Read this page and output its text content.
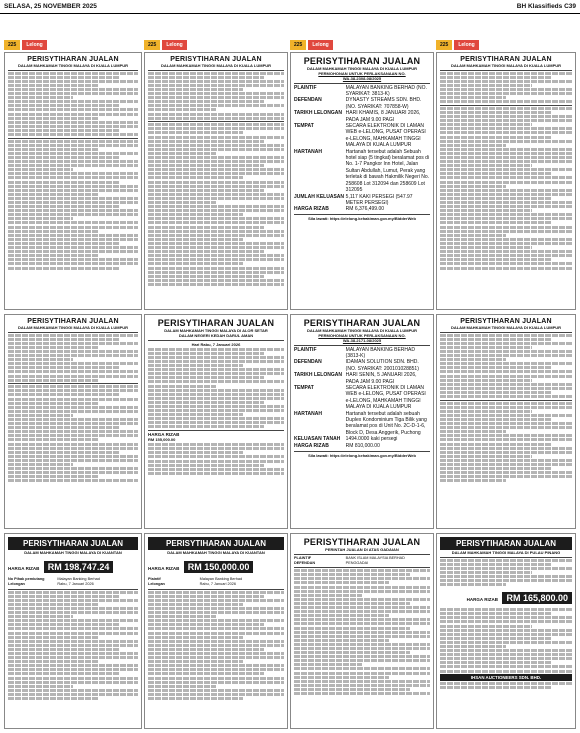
SELASA, 25 NOVEMBER 2025	BH Klassifieds C39
225	Lelong	225	Lelong	225	Lelong	225	Lelong
PERISYTIHARAN JUALAN
DALAM MAHKAMAH TINGGI MALAYA DI KUALA LUMPUR
PERISYTIHARAN JUALAN
DALAM MAHKAMAH TINGGI MALAYA DI KUALA LUMPUR	PERISYTIHARAN JUALAN
DALAM MAHKAMAH TINGGI MALAYA DI KUALA LUMPUR
PERMOHONAN UNTUK PERLAKSANAAN NO.
WA-38-2308-08/2025
PLAINTIF	MALAYAN BANKING BERHAD (NO. SYARIKAT: 3813-K)
DEFENDAN	DYNASTY STREAMS SDN. BHD. (NO. SYARIKAT: 707858-W)
TARIKH LELONGAN HARI KHAMIS, 8 JANUARI 2026, PADA JAM 9.00 PAGI
TEMPAT	SECARA ELEKTRONIK DI LAMAN WEB e-LELONG, PUSAT OPERASI e-LELONG, MAHKAMAH TINGGI MALAYA DI KUALA LUMPUR
HARTANAH	Hartanah tersebut adalah Sebuah hotel siap (5 tingkat) beralamat pos di No. 1-7 Pangkor Inn Hotel, Jalan Sultan Abdullah, Lumut, Perak yang terletak di bawah Hakmilik Negeri No. 258608 Lot 312094 dan 258609 Lot 312095
JUMLAH KELUASAN 5,117 KAKI PERSEGI (547.97 METER PERSEGI)
HARGA RIZAB	RM 6,376,499.00
Sila lawati: https://elelong.kehakiman.gov.my/BidderWeb
PERISYTIHARAN JUALAN
DALAM MAHKAMAH TINGGI MALAYA DI KUALA LUMPUR
PERISYTIHARAN JUALAN
DALAM MAHKAMAH TINGGI MALAYA DI KUALA LUMPUR	PERISYTIHARAN JUALAN
DALAM MAHKAMAH TINGGI MALAYA DI ALOR SETAR
DALAM NEGERI KEDAH DARUL AMAN
Hari Rabu, 7 Januari 2026
HARGA RIZAB
RM 155,000.00
PERISYTIHARAN JUALAN
DALAM MAHKAMAH TINGGI MALAYA DI KUALA LUMPUR
PERMOHONAN UNTUK PERLAKSANAAN NO.
WA-38-2171-08/2025
PLAINTIF	MALAYAN BANKING BERHAD (3813-K)
DEFENDAN	IDAMAN SOLUTION SDN. BHD. (NO. SYARIKAT: 200101028851)
TARIKH LELONGAN HARI SENIN, 5 JANUARI 2026, PADA JAM 9.00 PAGI
TEMPAT	SECARA ELEKTRONIK DI LAMAN WEB e-LELONG, PUSAT OPERASI e-LELONG, MAHKAMAH TINGGI MALAYA DI KUALA LUMPUR
HARTANAH	Hartanah tersebut adalah sebuah Duplex Kondominium Tiga Bilik yang beralamat pos di Unit No. 2C-D-1-6, Block D, Desa Anggerik, Puchong
KELUASAN TANAH	1494.0000 kaki persegi
HARGA RIZAB	RM 810,000.00
Sila lawati: https://elelong.kehakiman.gov.my/BidderWeb
PERISYTIHARAN JUALAN
DALAM MAHKAMAH TINGGI MALAYA DI KUALA LUMPUR
PERISYTIHARAN JUALAN
DALAM MAHKAMAH TINGGI MALAYA DI KUANTAN
HARGA RIZAB RM 198,747.24
No Pihak pemiutang	Malayan Banking Berhad
Lelongan	Rabu, 7 Januari 2026
PERISYTIHARAN JUALAN
DALAM MAHKAMAH TINGGI MALAYA DI KUANTAN
HARGA RIZAB RM 150,000.00
Plaintif	Malayan Banking Berhad
Lelongan	Rabu, 7 Januari 2026
PERISYTIHARAN JUALAN
PERINTAH JUALAN DI ATAS GADAIAN
PLAINTIF	BANK ISLAM MALAYSIA BERHAD
DEFENDAN	PENGGADAI
PERISYTIHARAN JUALAN
DALAM MAHKAMAH TINGGI MALAYA DI PULAU PINANG
HARGA RIZAB RM 165,800.00
IHSAN AUCTIONEERS SDN. BHD.
